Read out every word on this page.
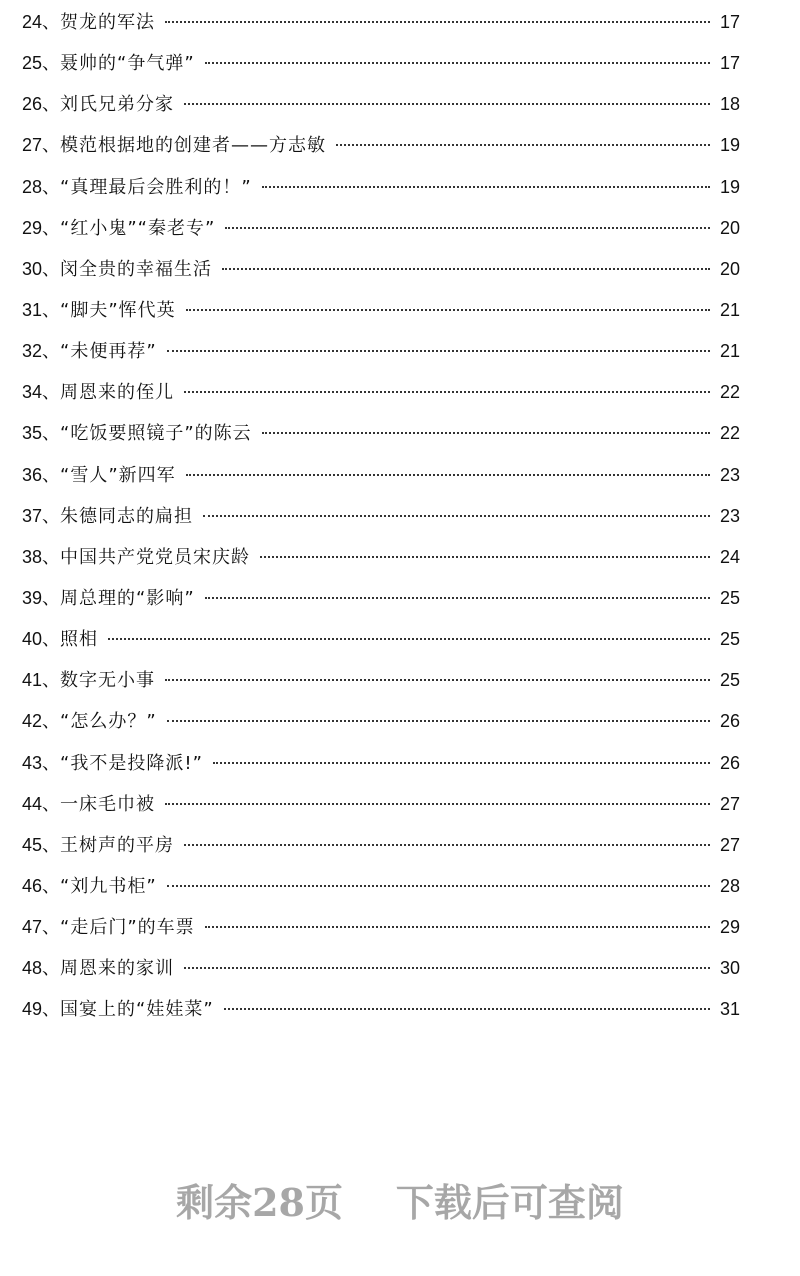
24、 贺龙的军法	17
25、 聂帅的“争气弹”	17
26、 刘氏兄弟分家	18
27、 模范根据地的创建者——方志敏	19
28、 “真理最后会胜利的！”	19
29、 “红小鬼”“秦老专”	20
30、 闵全贵的幸福生活	20
31、 “脚夫”恽代英	21
32、 “未便再荐”	21
34、 周恩来的侄儿	22
35、 “吃饭要照镜子”的陈云	22
36、 “雪人”新四军	23
37、 朱德同志的扁担	23
38、 中国共产党党员宋庆龄	24
39、 周总理的“影响”	25
40、 照相	25
41、 数字无小事	25
42、 “怎么办？”	26
43、 “我不是投降派!”	26
44、 一床毛巾被	27
45、 王树声的平房	27
46、 “刘九书柜”	28
47、 “走后门”的车票	29
48、 周恩来的家训	30
49、 国宴上的“娃娃菜”	31
剩余28页    下载后可查阅
